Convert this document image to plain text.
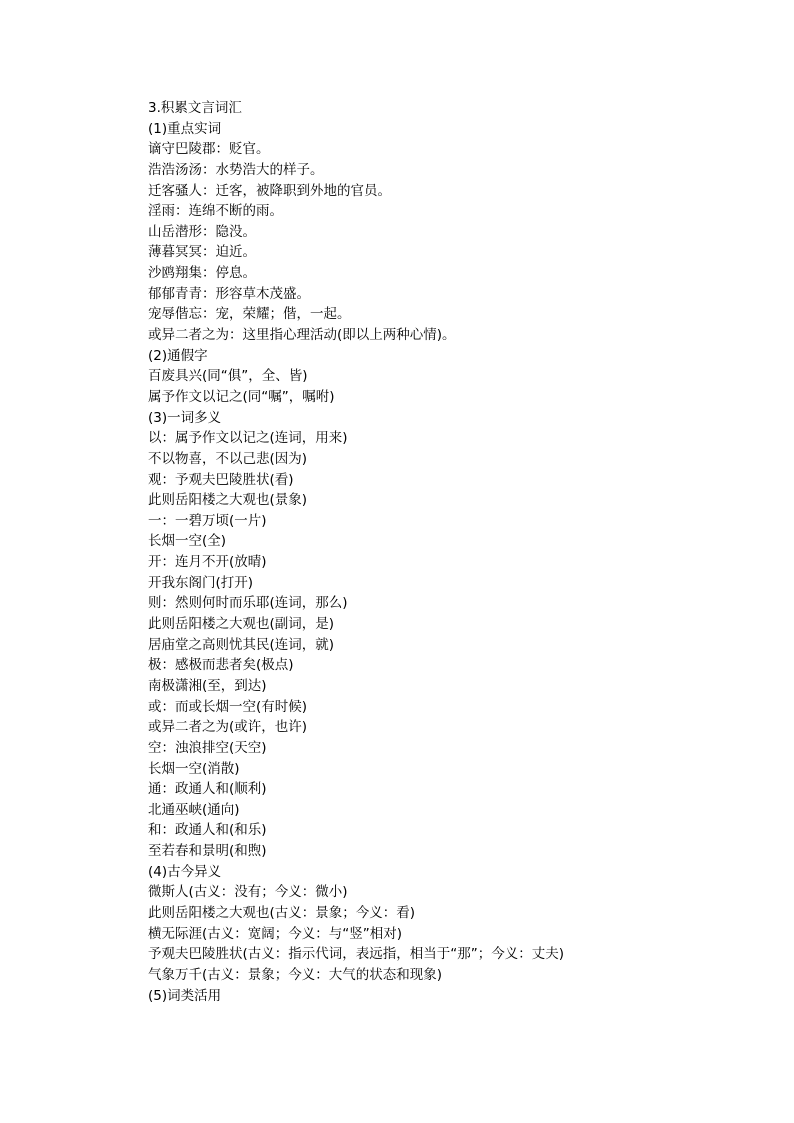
3.积累文言词汇
(1)重点实词
谪守巴陵郡：贬官。
浩浩汤汤：水势浩大的样子。
迁客骚人：迁客，被降职到外地的官员。
淫雨：连绵不断的雨。
山岳潜形：隐没。
薄暮冥冥：迫近。
沙鸥翔集：停息。
郁郁青青：形容草木茂盛。
宠辱偕忘：宠，荣耀；偕，一起。
或异二者之为：这里指心理活动(即以上两种心情)。
(2)通假字
百废具兴(同“俱”，全、皆)
属予作文以记之(同“嘱”，嘱咐)
(3)一词多义
以：属予作文以记之(连词，用来)
不以物喜，不以己悲(因为)
观：予观夫巴陵胜状(看)
此则岳阳楼之大观也(景象)
一：一碧万顷(一片)
长烟一空(全)
开：连月不开(放晴)
开我东阁门(打开)
则：然则何时而乐耶(连词，那么)
此则岳阳楼之大观也(副词，是)
居庙堂之高则忧其民(连词，就)
极：感极而悲者矣(极点)
南极潇湘(至，到达)
或：而或长烟一空(有时候)
或异二者之为(或许，也许)
空：浊浪排空(天空)
长烟一空(消散)
通：政通人和(顺利)
北通巫峡(通向)
和：政通人和(和乐)
至若春和景明(和煦)
(4)古今异义
微斯人(古义：没有；今义：微小)
此则岳阳楼之大观也(古义：景象；今义：看)
横无际涯(古义：宽阔；今义：与“竖”相对)
予观夫巴陵胜状(古义：指示代词，表远指，相当于“那”；今义：丈夫)
气象万千(古义：景象；今义：大气的状态和现象)
(5)词类活用
